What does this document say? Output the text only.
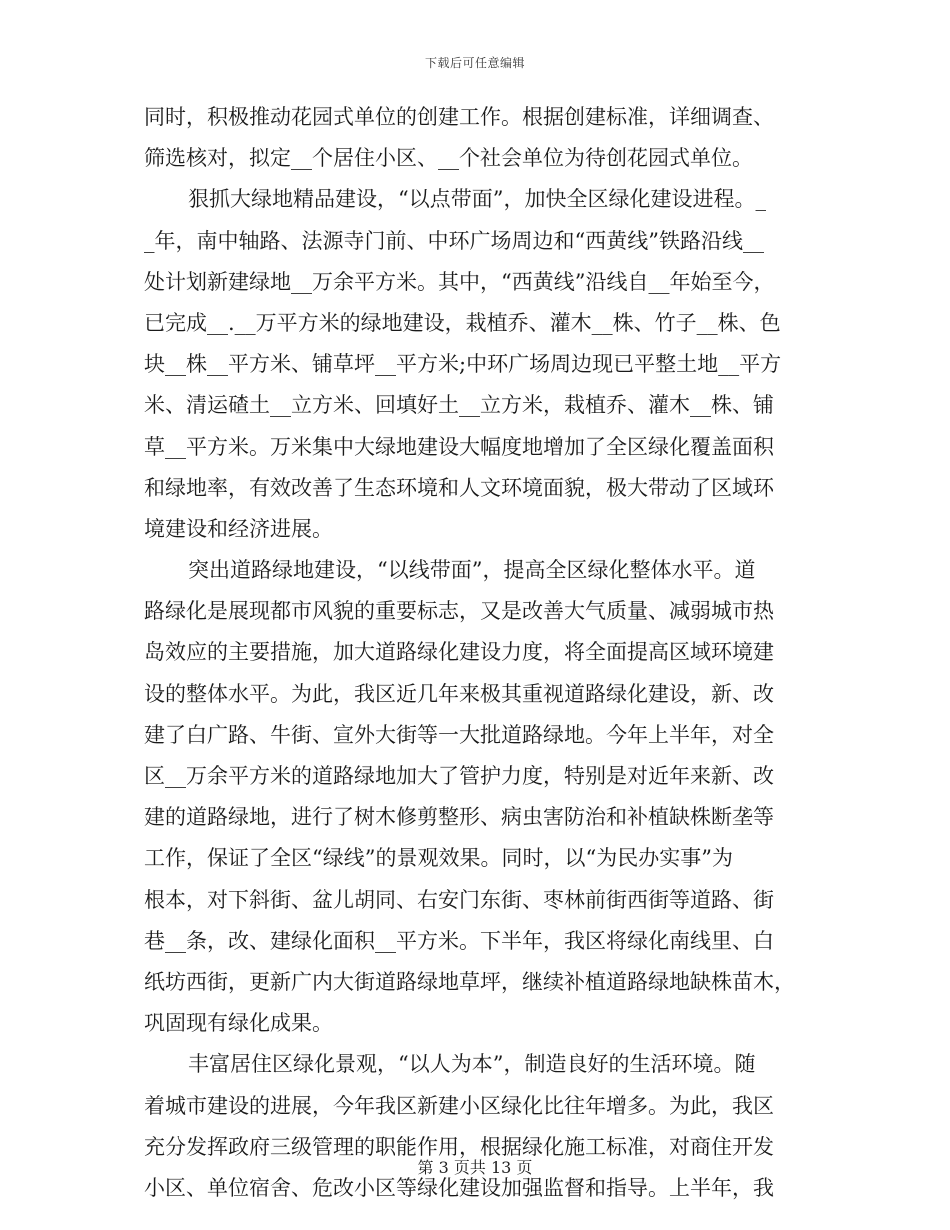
下载后可任意编辑
同时，积极推动花园式单位的创建工作。根据创建标准，详细调查、
筛选核对，拟定__个居住小区、__个社会单位为待创花园式单位。
狠抓大绿地精品建设，“以点带面”，加快全区绿化建设进程。_
_年，南中轴路、法源寺门前、中环广场周边和“西黄线”铁路沿线__
处计划新建绿地__万余平方米。其中，“西黄线”沿线自__年始至今，
已完成__.__万平方米的绿地建设，栽植乔、灌木__株、竹子__株、色
块__株__平方米、铺草坪__平方米;中环广场周边现已平整土地__平方
米、清运碴土__立方米、回填好土__立方米，栽植乔、灌木__株、铺
草__平方米。万米集中大绿地建设大幅度地增加了全区绿化覆盖面积
和绿地率，有效改善了生态环境和人文环境面貌，极大带动了区域环
境建设和经济进展。
突出道路绿地建设，“以线带面”，提高全区绿化整体水平。道
路绿化是展现都市风貌的重要标志，又是改善大气质量、减弱城市热
岛效应的主要措施，加大道路绿化建设力度，将全面提高区域环境建
设的整体水平。为此，我区近几年来极其重视道路绿化建设，新、改
建了白广路、牛街、宣外大街等一大批道路绿地。今年上半年，对全
区__万余平方米的道路绿地加大了管护力度，特别是对近年来新、改
建的道路绿地，进行了树木修剪整形、病虫害防治和补植缺株断垄等
工作，保证了全区“绿线”的景观效果。同时，以“为民办实事”为
根本，对下斜街、盆儿胡同、右安门东街、枣林前街西街等道路、街
巷__条，改、建绿化面积__平方米。下半年，我区将绿化南线里、白
纸坊西街，更新广内大街道路绿地草坪，继续补植道路绿地缺株苗木，
巩固现有绿化成果。
丰富居住区绿化景观，“以人为本”，制造良好的生活环境。随
着城市建设的进展，今年我区新建小区绿化比往年增多。为此，我区
充分发挥政府三级管理的职能作用，根据绿化施工标准，对商住开发
小区、单位宿舍、危改小区等绿化建设加强监督和指导。上半年，我
第 3 页共 13 页
